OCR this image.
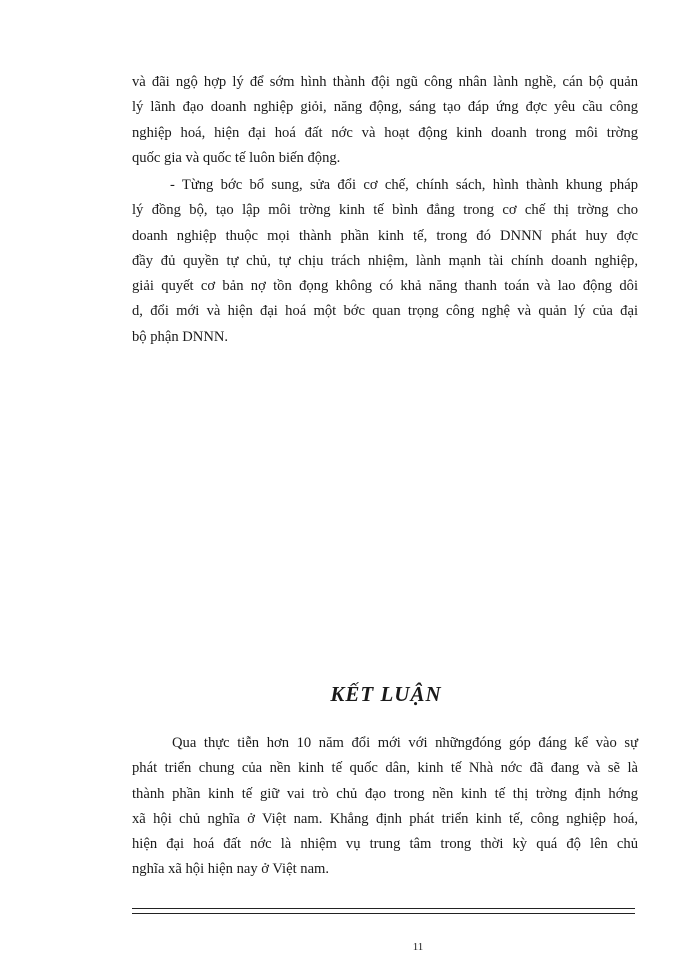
và đãi ngộ hợp lý để sớm hình thành đội ngũ công nhân lành nghề, cán bộ quản
lý lãnh đạo doanh nghiệp giỏi, năng động, sáng tạo đáp ứng đợc yêu cầu công
nghiệp hoá, hiện đại hoá đất nớc và hoạt động kinh doanh trong môi trờng
quốc gia và quốc tế luôn biến động.

- Từng bớc bổ sung, sửa đổi cơ chế, chính sách, hình thành khung pháp
lý đồng bộ, tạo lập môi trờng kinh tế bình đẳng trong cơ chế thị trờng cho
doanh nghiệp thuộc mọi thành phần kinh tế, trong đó DNNN phát huy đợc
đầy đủ quyền tự chủ, tự chịu trách nhiệm, lành mạnh tài chính doanh nghiệp,
giải quyết cơ bản nợ tồn đọng không có khả năng thanh toán và lao động dôi
d, đổi mới và hiện đại hoá một bớc quan trọng công nghệ và quản lý của đại
bộ phận DNNN.

KẾT LUẬN

Qua thực tiễn hơn 10 năm đổi mới với nhữngđóng góp đáng kể vào sự
phát triển chung của nền kinh tế quốc dân, kinh tế Nhà nớc đã đang và sẽ là
thành phần kinh tế giữ vai trò chủ đạo trong nền kinh tế thị trờng định hớng
xã hội chủ nghĩa ở Việt nam. Khẳng định phát triển kinh tế, công nghiệp hoá,
hiện đại hoá đất nớc là nhiệm vụ trung tâm trong thời kỳ quá độ lên chủ
nghĩa xã hội hiện nay ở Việt nam.

11
